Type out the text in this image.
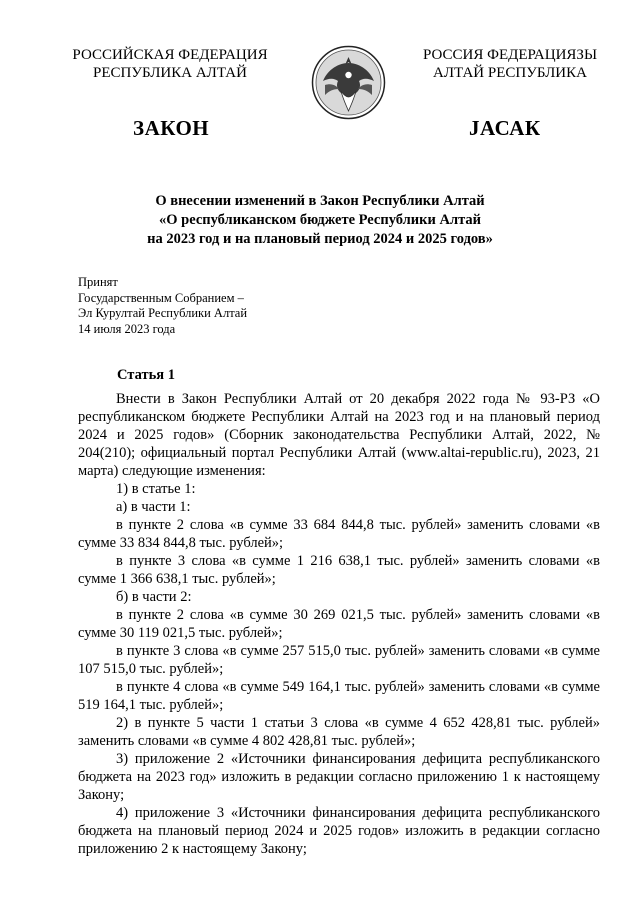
РОССИЙСКАЯ ФЕДЕРАЦИЯ
РЕСПУБЛИКА АЛТАЙ
РОССИЯ ФЕДЕРАЦИЯЗЫ
АЛТАЙ РЕСПУБЛИКА
ЗАКОН	ЈАСАК
О внесении изменений в Закон Республики Алтай
«О республиканском бюджете Республики Алтай
на 2023 год и на плановый период 2024 и 2025 годов»
Принят
Государственным Собранием –
Эл Курултай Республики Алтай
14 июля 2023 года
Статья 1

Внести в Закон Республики Алтай от 20 декабря 2022 года № 93-РЗ «О республиканском бюджете Республики Алтай на 2023 год и на плановый период 2024 и 2025 годов» (Сборник законодательства Республики Алтай, 2022, № 204(210); официальный портал Республики Алтай (www.altai-republic.ru), 2023, 21 марта) следующие изменения:

1) в статье 1:

а) в части 1:

в пункте 2 слова «в сумме 33 684 844,8 тыс. рублей» заменить словами «в сумме 33 834 844,8 тыс. рублей»;

в пункте 3 слова «в сумме 1 216 638,1 тыс. рублей» заменить словами «в сумме 1 366 638,1 тыс. рублей»;

б) в части 2:

в пункте 2 слова «в сумме 30 269 021,5 тыс. рублей» заменить словами «в сумме 30 119 021,5 тыс. рублей»;

в пункте 3 слова «в сумме 257 515,0 тыс. рублей» заменить словами «в сумме 107 515,0 тыс. рублей»;

в пункте 4 слова «в сумме 549 164,1 тыс. рублей» заменить словами «в сумме 519 164,1 тыс. рублей»;

2) в пункте 5 части 1 статьи 3 слова «в сумме 4 652 428,81 тыс. рублей» заменить словами «в сумме 4 802 428,81 тыс. рублей»;

3) приложение 2 «Источники финансирования дефицита республиканского бюджета на 2023 год» изложить в редакции согласно приложению 1 к настоящему Закону;

4) приложение 3 «Источники финансирования дефицита республиканского бюджета на плановый период 2024 и 2025 годов» изложить в редакции согласно приложению 2 к настоящему Закону;
